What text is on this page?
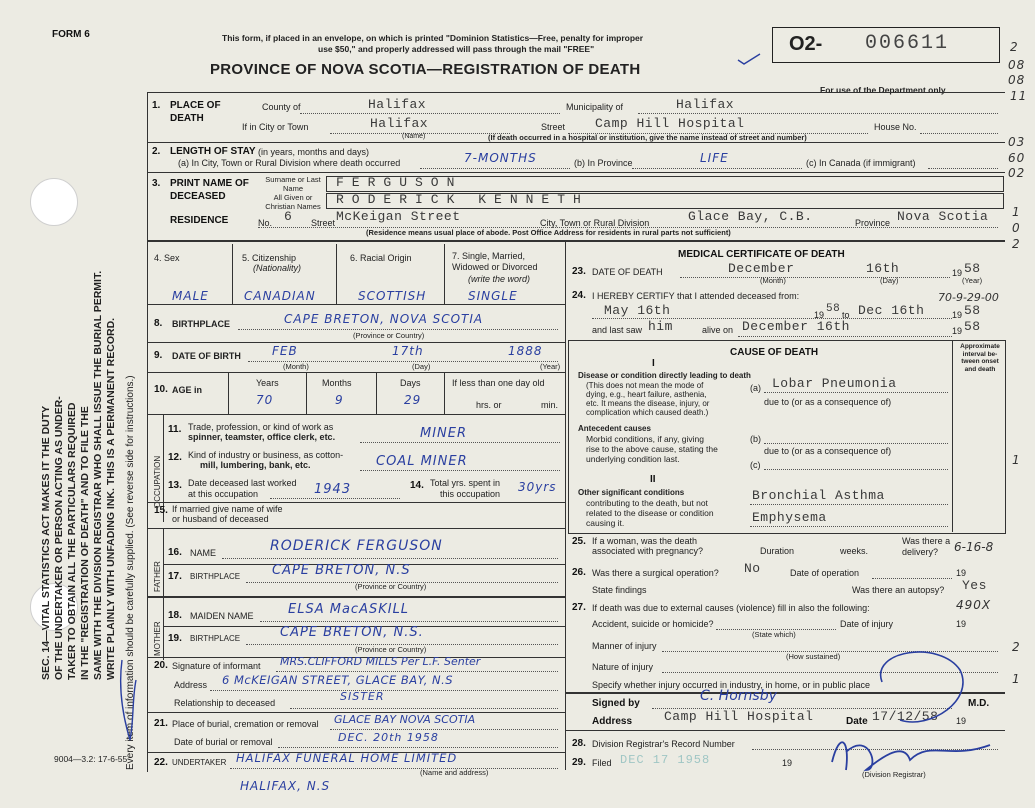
FORM 6	This form, if placed in an envelope, on which is printed "Dominion Statistics—Free, penalty for improper
use $50," and properly addressed will pass through the mail "FREE"
PROVINCE OF NOVA SCOTIA—REGISTRATION OF DEATH
O2- 006611
For use of the Department only
2
08
08
11
03
60
02
1
0
2
70-9-29-00
1
490X
2
1
SEC. 14—VITAL STATISTICS ACT MAKES IT THE DUTY OF THE UNDERTAKER OR PERSON ACTING AS UNDER- TAKER TO OBTAIN ALL THE PARTICULARS REQUIRED IN THE "REGISTRATION OF DEATH" AND TO FILE THE SAME WITH THE DIVISION REGISTRAR WHO SHALL ISSUE THE BURIAL PERMIT. WRITE PLAINLY WITH UNFADING INK. THIS IS A PERMANENT RECORD. Every item of information should be carefully supplied. (See reverse side for instructions.)
1. PLACE OF DEATH
County of	Halifax	Municipality of	Halifax
If in City or Town	Halifax
(Name)
Street Camp Hill Hospital	House No.
(If death occurred in a hospital or institution, give the name instead of street and number)
2. LENGTH OF STAY (in years, months and days)
(a) In City, Town or Rural Division where death occurred	7-MONTHS	(b) In Province	LIFE	(c) In Canada (if immigrant)
3. PRINT NAME OF DECEASED
Surname or Last Name	FERGUSON
All Given or Christian Names RODERICK KENNETH
RESIDENCE	No. 6 Street McKeigan Street	City, Town or Rural Division	Glace Bay, C.B.	Province Nova Scotia
(Residence means usual place of abode. Post Office Address for residents in rural parts not sufficient)
4. Sex	5. Citizenship
(Nationality)
6. Racial Origin	7. Single, Married, Widowed or Divorced
(write the word)
MALE	CANADIAN	SCOTTISH	SINGLE
8. BIRTHPLACE	CAPE BRETON, NOVA SCOTIA
(Province or Country)
9. DATE OF BIRTH	FEB	17th	1888
(Month)	(Day)	(Year)
10. AGE in
Years	Months	Days	If less than one day old
hrs. or	min.
70	9	29
OCCUPATION
11. Trade, profession, or kind of work as
spinner, teamster, office clerk, etc.	MINER
12. Kind of industry or business, as cotton-
mill, lumbering, bank, etc.	COAL MINER
13. Date deceased last worked
at this occupation	1943	14. Total yrs. spent in
this occupation 30yrs
15. If married give name of wife
or husband of deceased
FATHER
MOTHER
16. NAME	RODERICK FERGUSON
17. BIRTHPLACE CAPE BRETON, N.S
(Province or Country)
18. MAIDEN NAME	ELSA MacASKILL
19. BIRTHPLACE	CAPE BRETON, N.S.
(Province or Country)
20. Signature of informant MRS.CLIFFORD MILLS Per L.F. Senter
Address 6 McKEIGAN STREET, GLACE BAY, N.S
Relationship to deceased	SISTER
21. Place of burial, cremation or removal GLACE BAY NOVA SCOTIA
Date of burial or removal	DEC. 20th 1958
22. UNDERTAKER HALIFAX FUNERAL HOME LIMITED
(Name and address)
HALIFAX, N.S
9004—3.2: 17-6-55
MEDICAL CERTIFICATE OF DEATH
23. DATE OF DEATH	December	16th	19 58
(Month)	(Day)	(Year)
24. I HEREBY CERTIFY that I attended deceased from:
May 16th	19 58 to Dec 16th	19 58
and last saw him	alive on December 16th	19 58
CAUSE OF DEATH
Approximate interval be- tween onset and death
I
Disease or condition directly leading to death
(This does not mean the mode of
dying, e.g., heart failure, asthenia,
etc. It means the disease, injury, or
complication which caused death.)
(a) Lobar Pneumonia
due to (or as a consequence of)
Antecedent causes
Morbid conditions, if any, giving
rise to the above cause, stating the
underlying condition last.
(b)
due to (or as a consequence of)
(c)
II
Other significant conditions
contributing to the death, but not
related to the disease or condition
causing it.
Bronchial Asthma
Emphysema
25. If a woman, was the death
associated with pregnancy?	Duration	weeks.
Was there a delivery?	6-16-8
26. Was there a surgical operation? No	Date of operation	19
State findings	Was there an autopsy? Yes
27. If death was due to external causes (violence) fill in also the following:
Accident, suicide or homicide?	Date of injury	19
(State which)
Manner of injury
(How sustained)
Nature of injury
Specify whether injury occurred in industry, in home, or in public place
Signed by	C. Hornsby	M.D.
Address Camp Hill Hospital	Date 17/12/58 19
28. Division Registrar's Record Number
29. Filed DEC 17 1958	19
(Division Registrar)
